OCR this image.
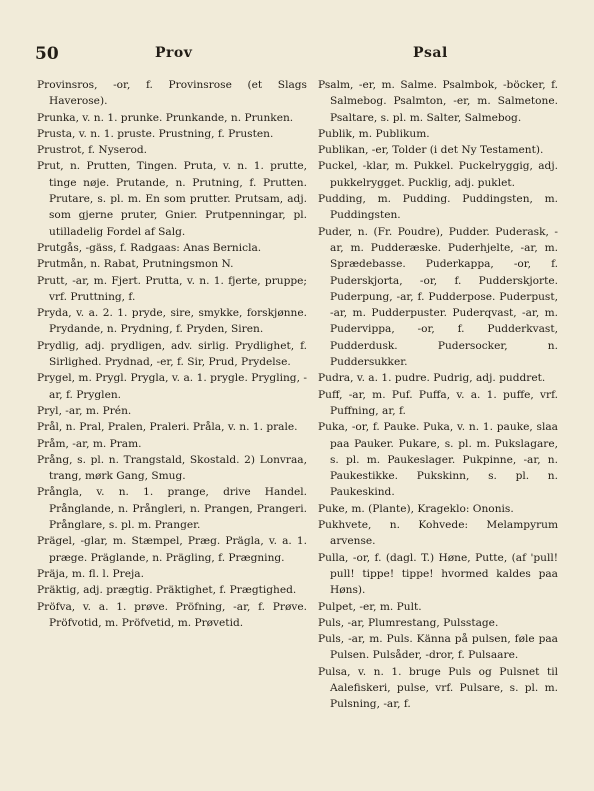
50	Prov	Psal

Provinsros, -or, f. Provinsrose (et Slags Haverose).

Prunka, v. n. 1. prunke. Prunkande, n. Prunken.

Prusta, v. n. 1. pruste. Prustning, f. Prusten.

Prustrot, f. Nyserod.

Prut, n. Prutten, Tingen. Pruta, v. n. 1. prutte, tinge nøje. Prutande, n. Prutning, f. Prutten. Prutare, s. pl. m. En som prutter. Prutsam, adj. som gjerne pruter, Gnier. Prutpenningar, pl. utilladelig Fordel af Salg.

Prutgås, -gäss, f. Radgaas: Anas Bernicla.

Prutmån, n. Rabat, Prutningsmon N.

Prutt, -ar, m. Fjert. Prutta, v. n. 1. fjerte, pruppe; vrf. Pruttning, f.

Pryda, v. a. 2. 1. pryde, sire, smykke, forskjønne. Prydande, n. Prydning, f. Pryden, Siren.

Prydlig, adj. prydligen, adv. sirlig. Prydlighet, f. Sirlighed. Prydnad, -er, f. Sir, Prud, Prydelse.

Prygel, m. Prygl. Prygla, v. a. 1. prygle. Prygling, -ar, f. Pryglen.

Pryl, -ar, m. Prén.

Prål, n. Pral, Pralen, Praleri. Pråla, v. n. 1. prale.

Pråm, -ar, m. Pram.

Prång, s. pl. n. Trangstald, Skostald. 2) Lonvraa, trang, mørk Gang, Smug.

Prångla, v. n. 1. prange, drive Handel. Prånglande, n. Prångleri, n. Prangen, Prangeri. Prånglare, s. pl. m. Pranger.

Prägel, -glar, m. Stæmpel, Præg. Prägla, v. a. 1. præge. Präglande, n. Prägling, f. Prægning.

Präja, m. fl. l. Preja.

Präktig, adj. prægtig. Präktighet, f. Prægtighed.

Pröfva, v. a. 1. prøve. Pröfning, -ar, f. Prøve. Pröfvotid, m. Pröfvetid, m. Prøvetid.

Psalm, -er, m. Salme. Psalmbok, -böcker, f. Salmebog. Psalmton, -er, m. Salmetone. Psaltare, s. pl. m. Salter, Salmebog.

Publik, m. Publikum.

Publikan, -er, Tolder (i det Ny Testament).

Puckel, -klar, m. Pukkel. Puckelryggig, adj. pukkelrygget. Pucklig, adj. puklet.

Pudding, m. Pudding. Puddingsten, m. Puddingsten.

Puder, n. (Fr. Poudre), Pudder. Puderask, -ar, m. Pudderæske. Puderhjelte, -ar, m. Sprædebasse. Puderkappa, -or, f. Puderskjorta, -or, f. Pudderskjorte. Puderpung, -ar, f. Pudderpose. Puderpust, -ar, m. Pudderpuster. Puderqvast, -ar, m. Pudervippa, -or, f. Pudderkvast, Pudderdusk. Pudersocker, n. Puddersukker.

Pudra, v. a. 1. pudre. Pudrig, adj. puddret.

Puff, -ar, m. Puf. Puffa, v. a. 1. puffe, vrf. Puffning, ar, f.

Puka, -or, f. Pauke. Puka, v. n. 1. pauke, slaa paa Pauker. Pukare, s. pl. m. Pukslagare, s. pl. m. Paukeslager. Pukpinne, -ar, n. Paukestikke. Pukskinn, s. pl. n. Paukeskind.

Puke, m. (Plante), Krageklo: Ononis.

Pukhvete, n. Kohvede: Melampyrum arvense.

Pulla, -or, f. (dagl. T.) Høne, Putte, (af 'pull! pull! tippe! tippe! hvormed kaldes paa Høns).

Pulpet, -er, m. Pult.

Puls, -ar, Plumrestang, Pulsstage.

Puls, -ar, m. Puls. Känna på pulsen, føle paa Pulsen. Pulsåder, -dror, f. Pulsaare.

Pulsa, v. n. 1. bruge Puls og Pulsnet til Aalefiskeri, pulse, vrf. Pulsare, s. pl. m. Pulsning, -ar, f.
